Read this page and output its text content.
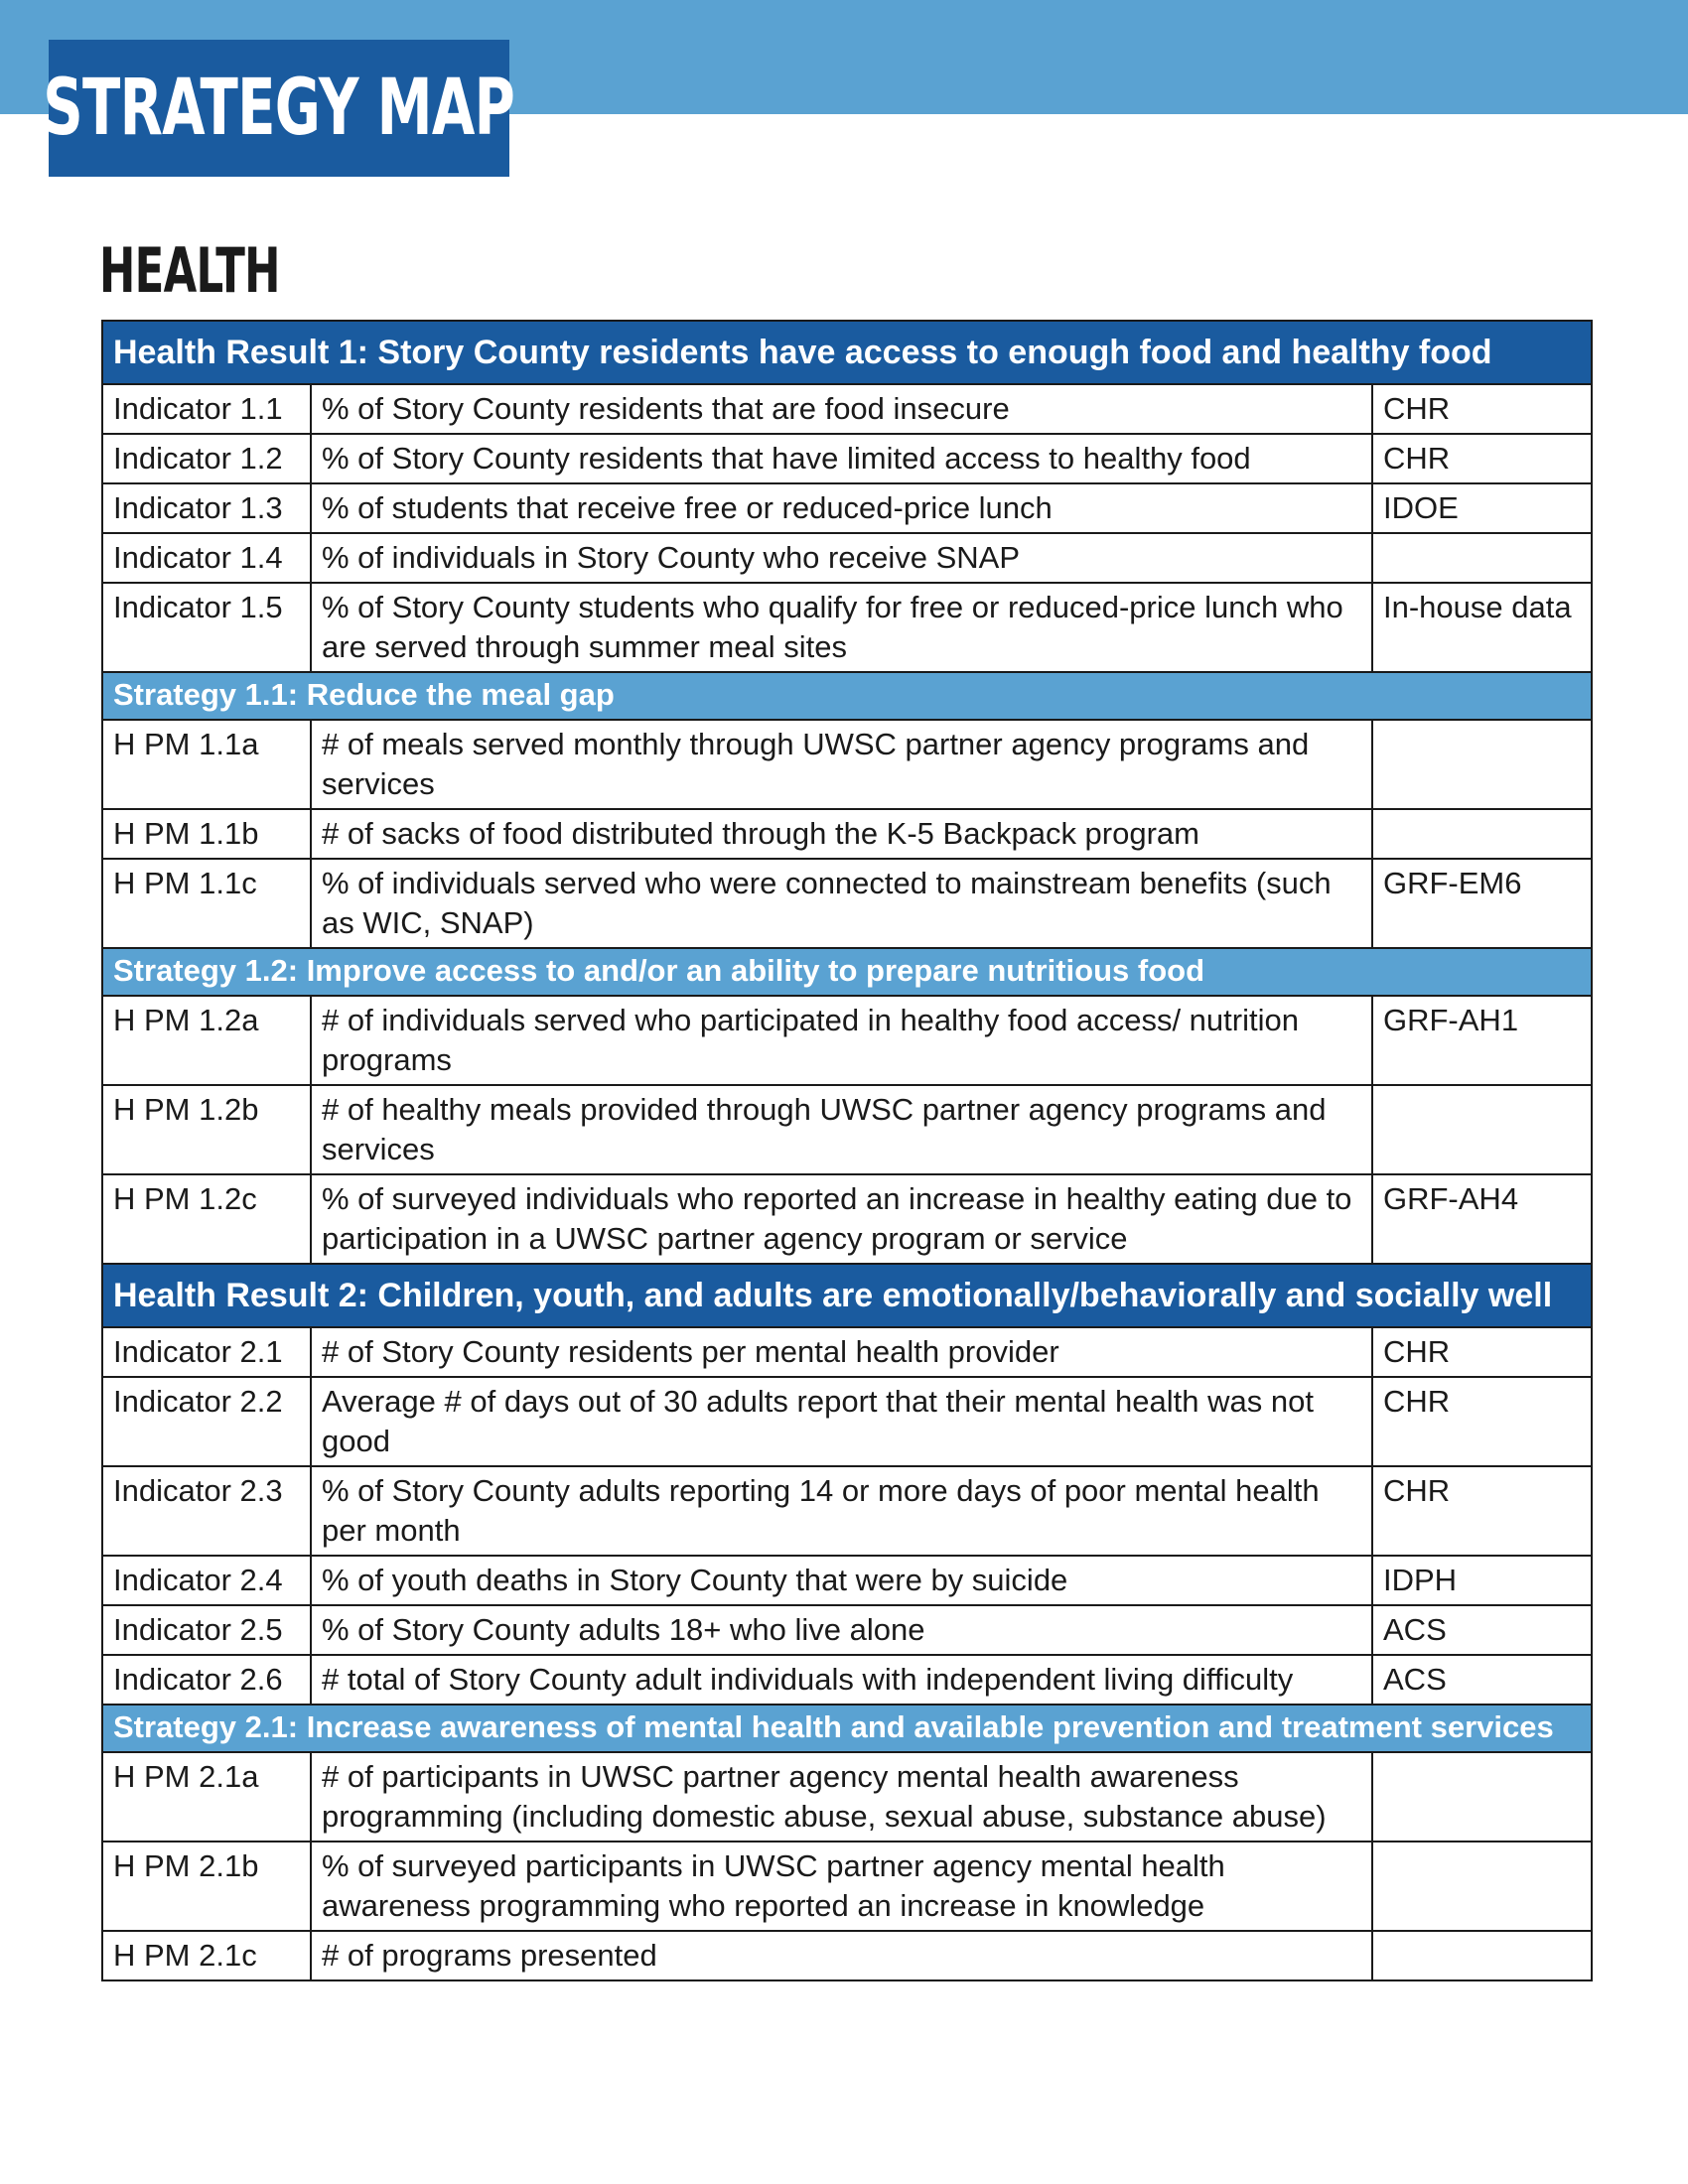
STRATEGY MAP
HEALTH
Health Result 1: Story County residents have access to enough food and healthy food		
Indicator 1.1	% of Story County residents that are food insecure	CHR
Indicator 1.2	% of Story County residents that have limited access to healthy food	CHR
Indicator 1.3	% of students that receive free or reduced-price lunch	IDOE
Indicator 1.4	% of individuals in Story County who receive SNAP	
Indicator 1.5	% of Story County students who qualify for free or reduced-price lunch who are served through summer meal sites	In-house data
Strategy 1.1: Reduce the meal gap		
H PM 1.1a	# of meals served monthly through UWSC partner agency programs and services	
H PM 1.1b	# of sacks of food distributed through the K-5 Backpack program	
H PM 1.1c	% of individuals served who were connected to mainstream benefits (such as WIC, SNAP)	GRF-EM6
Strategy 1.2: Improve access to and/or an ability to prepare nutritious food		
H PM 1.2a	# of individuals served who participated in healthy food access/ nutrition programs	GRF-AH1
H PM 1.2b	# of healthy meals provided through UWSC partner agency programs and services	
H PM 1.2c	% of surveyed individuals who reported an increase in healthy eating due to participation in a UWSC partner agency program or service	GRF-AH4
Health Result 2: Children, youth, and adults are emotionally/behaviorally and socially well		
Indicator 2.1	# of Story County residents per mental health provider	CHR
Indicator 2.2	Average # of days out of 30 adults report that their mental health was not good	CHR
Indicator 2.3	% of Story County adults reporting 14 or more days of poor mental health per month	CHR
Indicator 2.4	% of youth deaths in Story County that were by suicide	IDPH
Indicator 2.5	% of Story County adults 18+ who live alone	ACS
Indicator 2.6	# total of Story County adult individuals with independent living difficulty	ACS
Strategy 2.1: Increase awareness of mental health and available prevention and treatment services		
H PM 2.1a	# of participants in UWSC partner agency mental health awareness programming (including domestic abuse, sexual abuse, substance abuse)	
H PM 2.1b	% of surveyed participants in UWSC partner agency mental health awareness programming who reported an increase in knowledge	
H PM 2.1c	# of programs presented	
